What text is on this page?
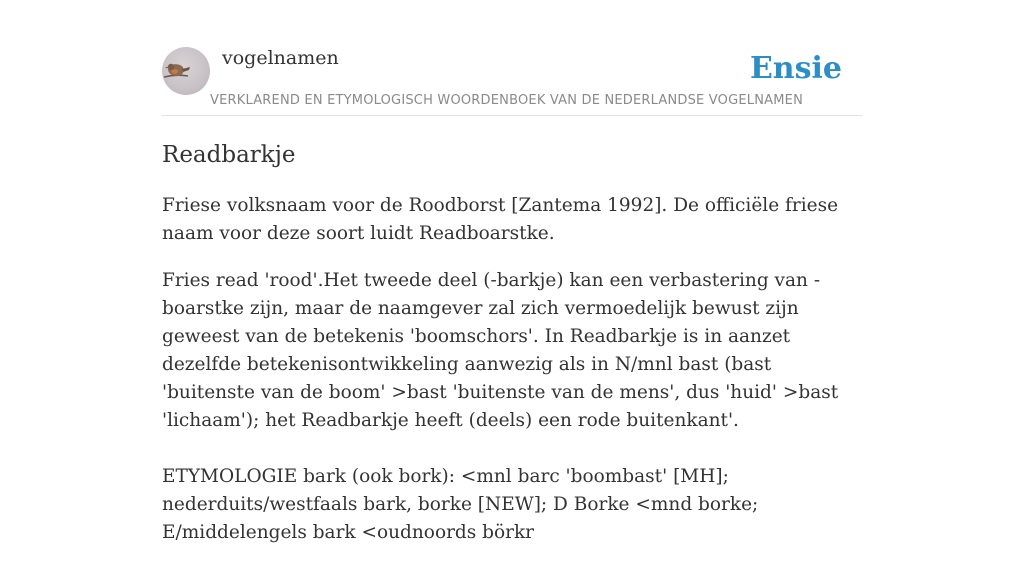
vogelnamen	Ensie
VERKLAREND EN ETYMOLOGISCH WOORDENBOEK VAN DE NEDERLANDSE VOGELNAMEN
Readbarkje

Friese volksnaam voor de Roodborst [Zantema 1992]. De officiële friese naam voor deze soort luidt Readboarstke.

Fries read 'rood'.Het tweede deel (-barkje) kan een verbastering van -boarstke zijn, maar de naamgever zal zich vermoedelijk bewust zijn geweest van de betekenis 'boomschors'. In Readbarkje is in aanzet dezelfde betekenisontwikkeling aanwezig als in N/mnl bast (bast 'buitenste van de boom' >bast 'buitenste van de mens', dus 'huid' >bast 'lichaam'); het Readbarkje heeft (deels) een rode buitenkant'.

ETYMOLOGIE bark (ook bork): <mnl barc 'boombast' [MH]; nederduits/westfaals bark, borke [NEW]; D Borke <mnd borke; E/middelengels bark <oudnoords börkr
